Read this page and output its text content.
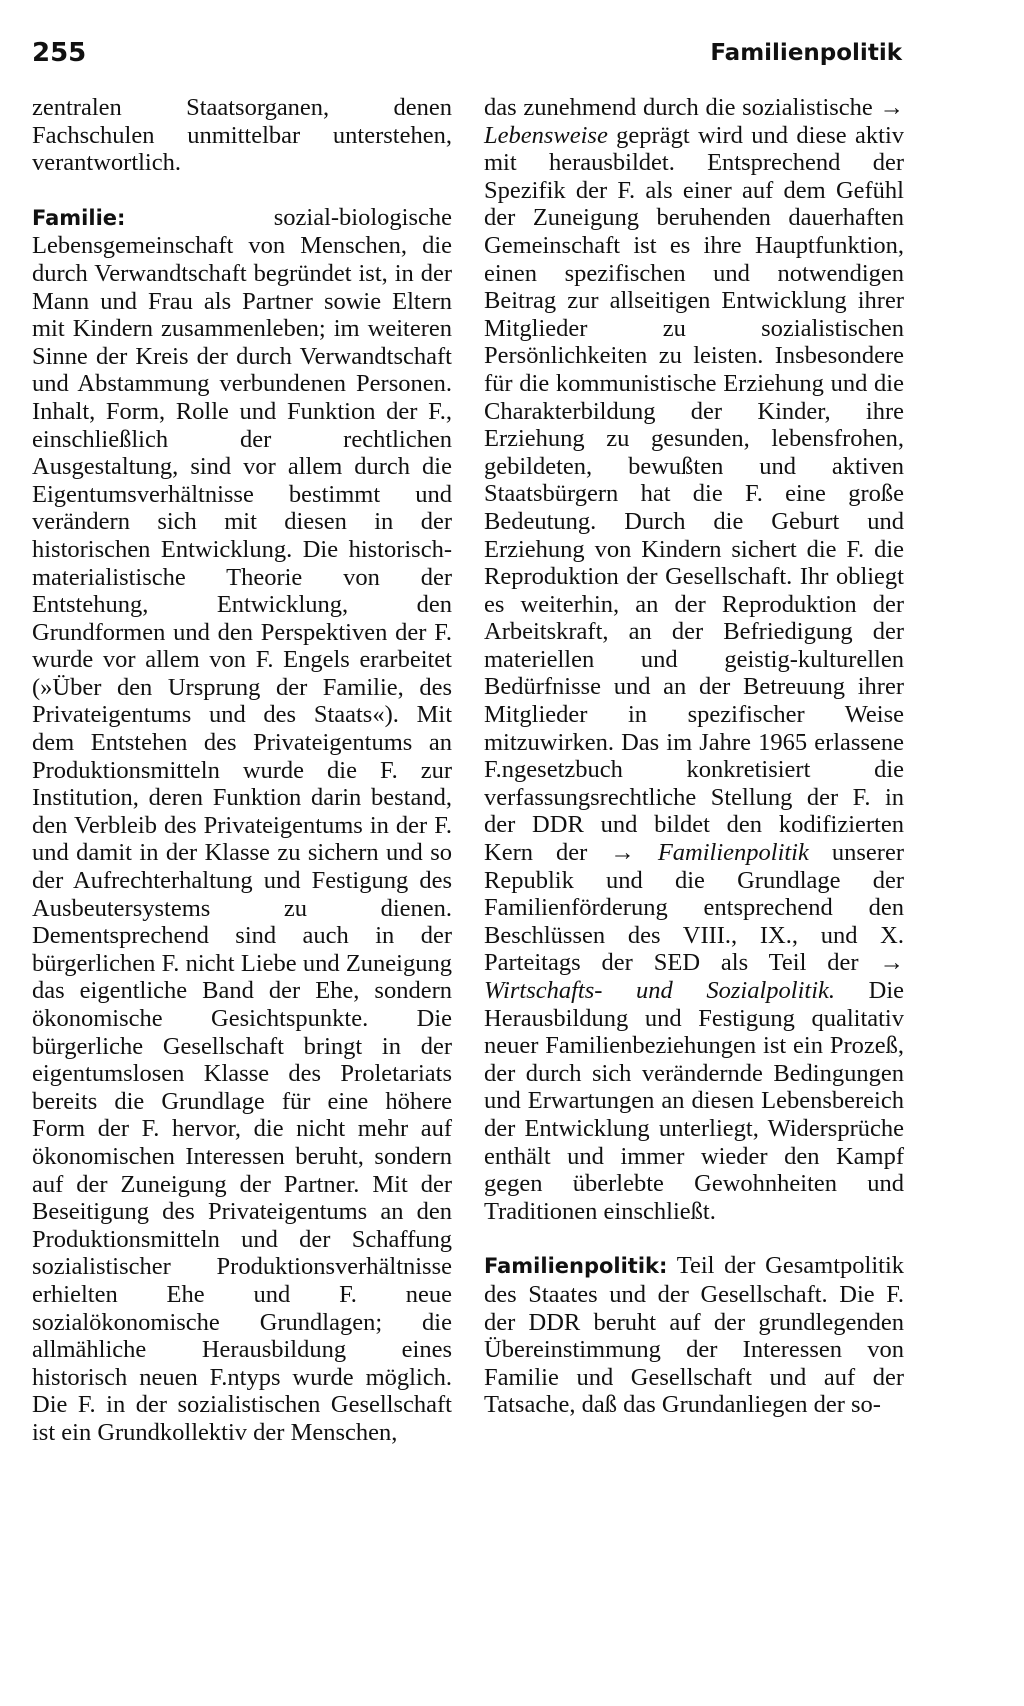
255	Familienpolitik

zentralen Staatsorganen, denen Fachschulen unmittelbar unterstehen, verantwortlich.

Familie: sozial-biologische Lebensgemeinschaft von Menschen, die durch Verwandtschaft begründet ist, in der Mann und Frau als Partner sowie Eltern mit Kindern zusammenleben; im weiteren Sinne der Kreis der durch Verwandtschaft und Abstammung verbundenen Personen. Inhalt, Form, Rolle und Funktion der F., einschließlich der rechtlichen Ausgestaltung, sind vor allem durch die Eigentumsverhältnisse bestimmt und verändern sich mit diesen in der historischen Entwicklung. Die historisch-materialistische Theorie von der Entstehung, Entwicklung, den Grundformen und den Perspektiven der F. wurde vor allem von F. Engels erarbeitet (»Über den Ursprung der Familie, des Privateigentums und des Staats«). Mit dem Entstehen des Privateigentums an Produktionsmitteln wurde die F. zur Institution, deren Funktion darin bestand, den Verbleib des Privateigentums in der F. und damit in der Klasse zu sichern und so der Aufrechterhaltung und Festigung des Ausbeutersystems zu dienen. Dementsprechend sind auch in der bürgerlichen F. nicht Liebe und Zuneigung das eigentliche Band der Ehe, sondern ökonomische Gesichtspunkte. Die bürgerliche Gesellschaft bringt in der eigentumslosen Klasse des Proletariats bereits die Grundlage für eine höhere Form der F. hervor, die nicht mehr auf ökonomischen Interessen beruht, sondern auf der Zuneigung der Partner. Mit der Beseitigung des Privateigentums an den Produktionsmitteln und der Schaffung sozialistischer Produktionsverhältnisse erhielten Ehe und F. neue sozialökonomische Grundlagen; die allmähliche Herausbildung eines historisch neuen F.ntyps wurde möglich. Die F. in der sozialistischen Gesellschaft ist ein Grundkollektiv der Menschen,

das zunehmend durch die sozialistische → Lebensweise geprägt wird und diese aktiv mit herausbildet. Entsprechend der Spezifik der F. als einer auf dem Gefühl der Zuneigung beruhenden dauerhaften Gemeinschaft ist es ihre Hauptfunktion, einen spezifischen und notwendigen Beitrag zur allseitigen Entwicklung ihrer Mitglieder zu sozialistischen Persönlichkeiten zu leisten. Insbesondere für die kommunistische Erziehung und die Charakterbildung der Kinder, ihre Erziehung zu gesunden, lebensfrohen, gebildeten, bewußten und aktiven Staatsbürgern hat die F. eine große Bedeutung. Durch die Geburt und Erziehung von Kindern sichert die F. die Reproduktion der Gesellschaft. Ihr obliegt es weiterhin, an der Reproduktion der Arbeitskraft, an der Befriedigung der materiellen und geistig-kulturellen Bedürfnisse und an der Betreuung ihrer Mitglieder in spezifischer Weise mitzuwirken. Das im Jahre 1965 erlassene F.ngesetzbuch konkretisiert die verfassungsrechtliche Stellung der F. in der DDR und bildet den kodifizierten Kern der → Familienpolitik unserer Republik und die Grundlage der Familienförderung entsprechend den Beschlüssen des VIII., IX., und X. Parteitags der SED als Teil der → Wirtschafts- und Sozialpolitik. Die Herausbildung und Festigung qualitativ neuer Familienbeziehungen ist ein Prozeß, der durch sich verändernde Bedingungen und Erwartungen an diesen Lebensbereich der Entwicklung unterliegt, Widersprüche enthält und immer wieder den Kampf gegen überlebte Gewohnheiten und Traditionen einschließt.

Familienpolitik: Teil der Gesamtpolitik des Staates und der Gesellschaft. Die F. der DDR beruht auf der grundlegenden Übereinstimmung der Interessen von Familie und Gesellschaft und auf der Tatsache, daß das Grundanliegen der so-
